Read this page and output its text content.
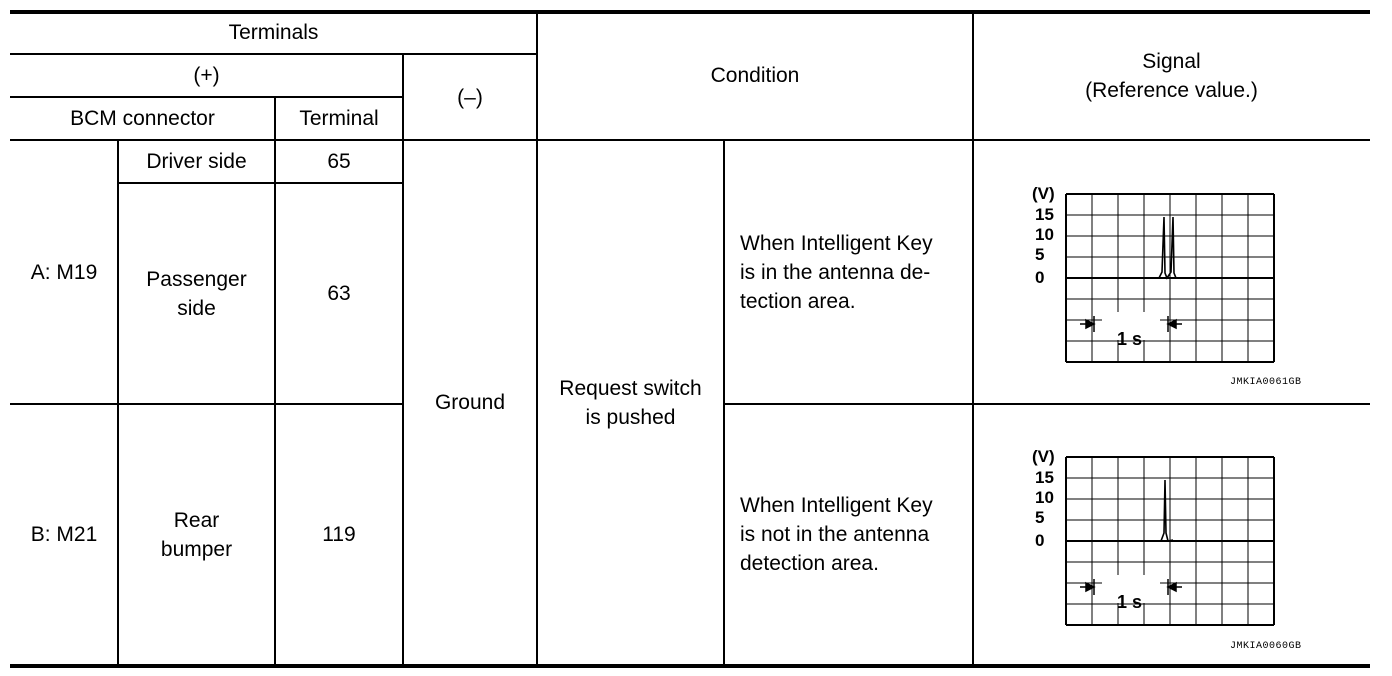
Terminals
(+)
(–)
BCM connector	Terminal
Condition
Signal
(Reference value.)
A: M19
Driver side	65
Passenger
side
63
When Intelligent Key
is in the antenna de-
tection area.
B: M21
Rear
bumper
119
When Intelligent Key
is not in the antenna
detection area.
Ground
Request switch
is pushed
(V)
15
10
5
0
1 s
JMKIA0061GB
(V)
15
10
5
0
1 s
JMKIA0060GB
